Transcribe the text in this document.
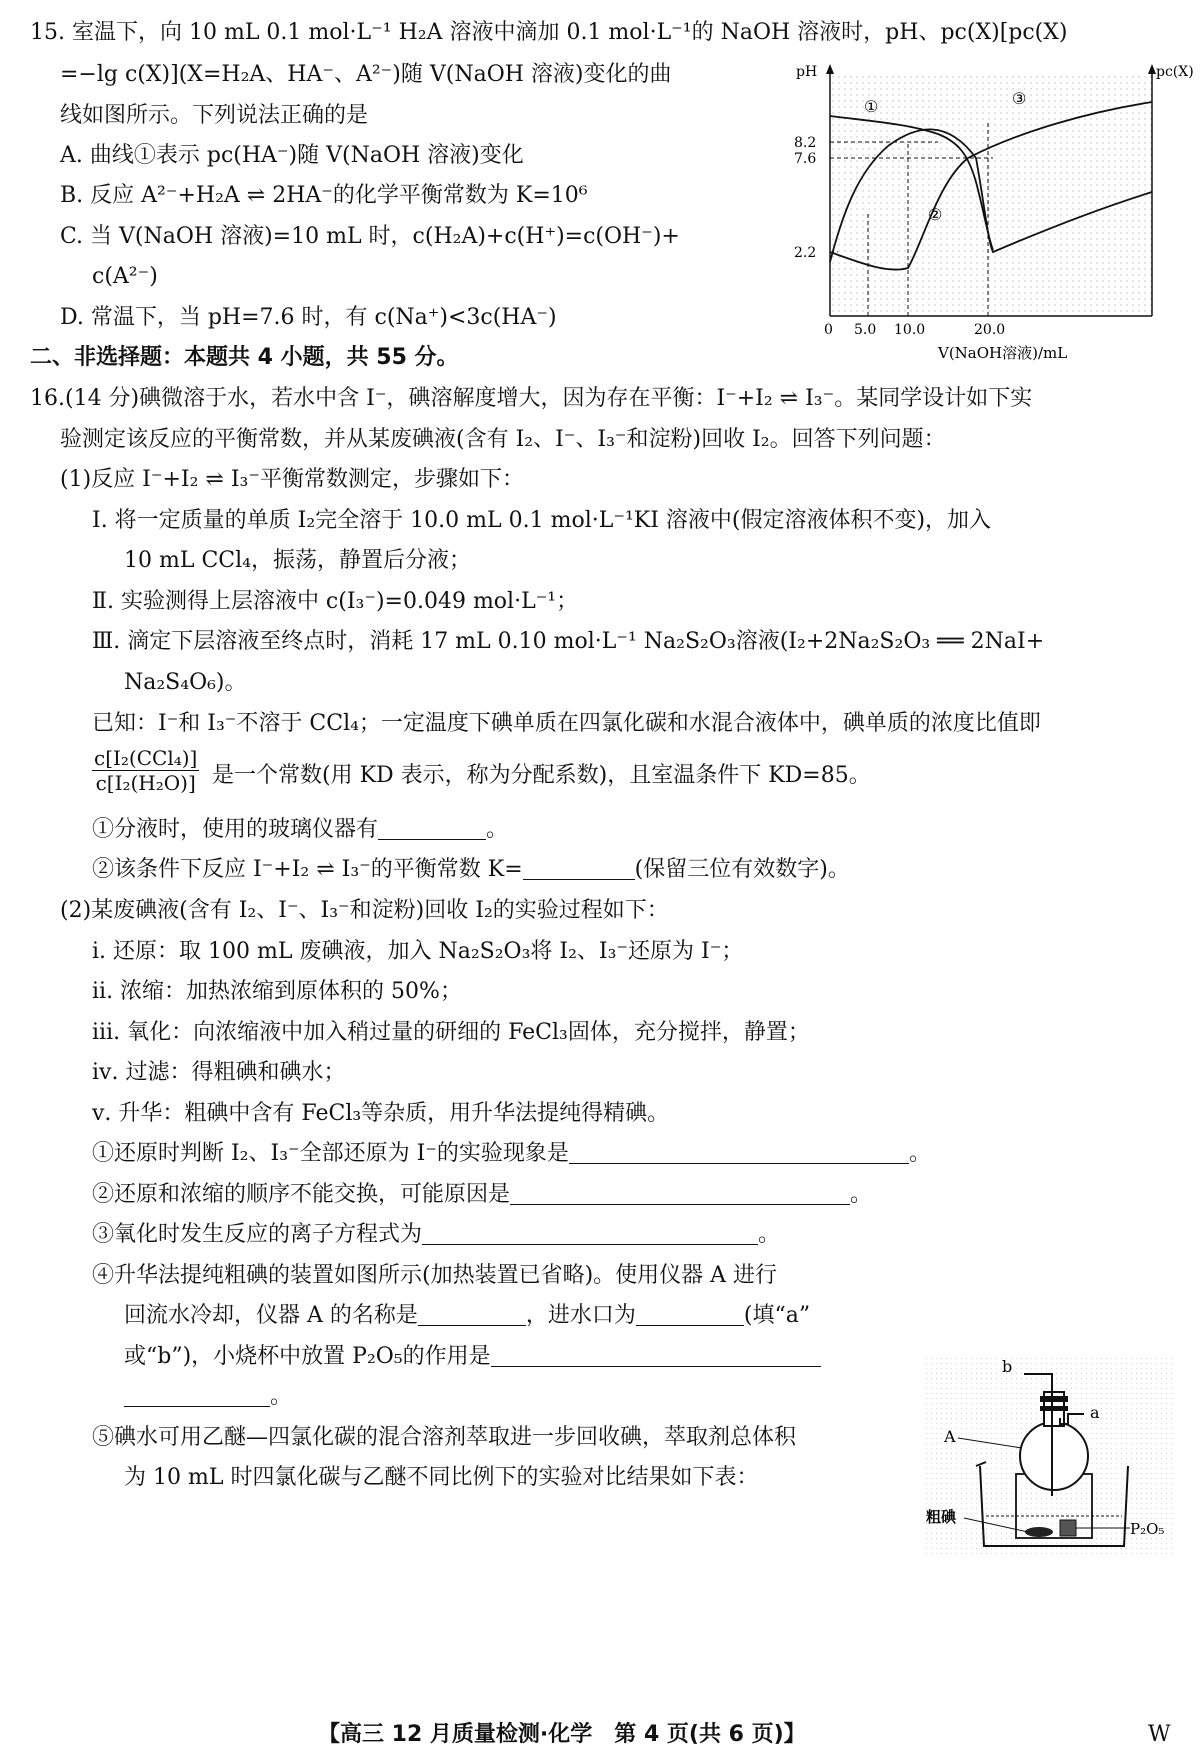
15. 室温下，向 10 mL 0.1 mol·L⁻¹ H₂A 溶液中滴加 0.1 mol·L⁻¹的 NaOH 溶液时，pH、pc(X)[pc(X)
=−lg c(X)](X=H₂A、HA⁻、A²⁻)随 V(NaOH 溶液)变化的曲
线如图所示。下列说法正确的是
A. 曲线①表示 pc(HA⁻)随 V(NaOH 溶液)变化
B. 反应 A²⁻+H₂A ⇌ 2HA⁻的化学平衡常数为 K=10⁶
C. 当 V(NaOH 溶液)=10 mL 时，c(H₂A)+c(H⁺)=c(OH⁻)+
c(A²⁻)
D. 常温下，当 pH=7.6 时，有 c(Na⁺)<3c(HA⁻)
①
②
③
pH	pc(X)
8.2
7.6
2.2
0 5.0 10.0	20.0
V(NaOH溶液)/mL
二、非选择题：本题共 4 小题，共 55 分。
16.(14 分)碘微溶于水，若水中含 I⁻，碘溶解度增大，因为存在平衡：I⁻+I₂ ⇌ I₃⁻。某同学设计如下实
验测定该反应的平衡常数，并从某废碘液(含有 I₂、I⁻、I₃⁻和淀粉)回收 I₂。回答下列问题：
(1)反应 I⁻+I₂ ⇌ I₃⁻平衡常数测定，步骤如下：
Ⅰ. 将一定质量的单质 I₂完全溶于 10.0 mL 0.1 mol·L⁻¹KI 溶液中(假定溶液体积不变)，加入
10 mL CCl₄，振荡，静置后分液；
Ⅱ. 实验测得上层溶液中 c(I₃⁻)=0.049 mol·L⁻¹；
Ⅲ. 滴定下层溶液至终点时，消耗 17 mL 0.10 mol·L⁻¹ Na₂S₂O₃溶液(I₂+2Na₂S₂O₃ ══ 2NaI+
Na₂S₄O₆)。
已知：I⁻和 I₃⁻不溶于 CCl₄；一定温度下碘单质在四氯化碳和水混合液体中，碘单质的浓度比值即
c[I₂(CCl₄)]
c[I₂(H₂O)] 是一个常数(用 KD 表示，称为分配系数)，且室温条件下 KD=85。
①分液时，使用的玻璃仪器有	。
②该条件下反应 I⁻+I₂ ⇌ I₃⁻的平衡常数 K=	(保留三位有效数字)。
(2)某废碘液(含有 I₂、I⁻、I₃⁻和淀粉)回收 I₂的实验过程如下：
ⅰ. 还原：取 100 mL 废碘液，加入 Na₂S₂O₃将 I₂、I₃⁻还原为 I⁻；
ⅱ. 浓缩：加热浓缩到原体积的 50%；
ⅲ. 氧化：向浓缩液中加入稍过量的研细的 FeCl₃固体，充分搅拌，静置；
ⅳ. 过滤：得粗碘和碘水；
ⅴ. 升华：粗碘中含有 FeCl₃等杂质，用升华法提纯得精碘。
①还原时判断 I₂、I₃⁻全部还原为 I⁻的实验现象是	。
②还原和浓缩的顺序不能交换，可能原因是	。
③氧化时发生反应的离子方程式为	。
④升华法提纯粗碘的装置如图所示(加热装置已省略)。使用仪器 A 进行
回流水冷却，仪器 A 的名称是	，进水口为	(填“a”
或“b”)，小烧杯中放置 P₂O₅的作用是
。
⑤碘水可用乙醚—四氯化碳的混合溶剂萃取进一步回收碘，萃取剂总体积
为 10 mL 时四氯化碳与乙醚不同比例下的实验对比结果如下表：
b
a
A
粗碘
P₂O₅
【高三 12 月质量检测·化学　第 4 页(共 6 页)】	W
